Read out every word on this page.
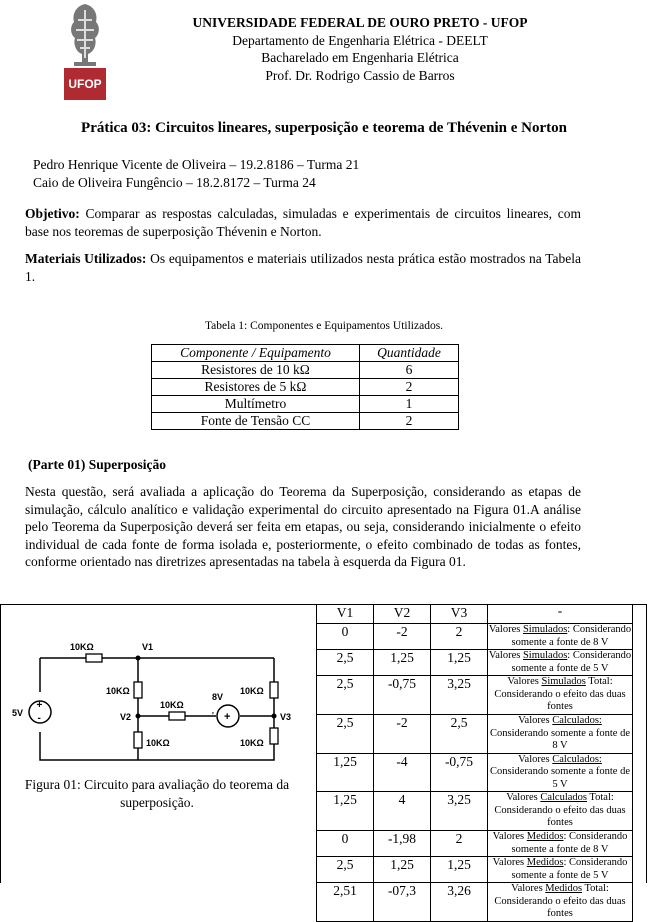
UFOP
UNIVERSIDADE FEDERAL DE OURO PRETO - UFOP
Departamento de Engenharia Elétrica - DEELT
Bacharelado em Engenharia Elétrica
Prof. Dr. Rodrigo Cassio de Barros
Prática 03: Circuitos lineares, superposição e teorema de Thévenin e Norton
Pedro Henrique Vicente de Oliveira – 19.2.8186 – Turma 21
Caio de Oliveira Fungêncio – 18.2.8172 – Turma 24
Objetivo: Comparar as respostas calculadas, simuladas e experimentais de circuitos lineares, com base nos teoremas de superposição Thévenin e Norton.
Materiais Utilizados: Os equipamentos e materiais utilizados nesta prática estão mostrados na Tabela 1.
Tabela 1: Componentes e Equipamentos Utilizados.
Componente / Equipamento	Quantidade
Resistores de 10 kΩ	6
Resistores de 5 kΩ	2
Multímetro	1
Fonte de Tensão CC	2
(Parte 01) Superposição
Nesta questão, será avaliada a aplicação do Teorema da Superposição, considerando as etapas de simulação, cálculo analítico e validação experimental do circuito apresentado na Figura 01.A análise pelo Teorema da Superposição deverá ser feita em etapas, ou seja, considerando inicialmente o efeito individual de cada fonte de forma isolada e, posteriormente, o efeito combinado de todas as fontes, conforme orientado nas diretrizes apresentadas na tabela à esquerda da Figura 01.
+
-	+
'
10KΩ	V1
10KΩ
10KΩ
8V
10KΩ
5V	V2	V3
10KΩ	10KΩ
Figura 01: Circuito para avaliação do teorema da superposição.
V1	V2	V3	-
0	-2	2	Valores Simulados: Considerando somente a fonte de 8 V
2,5	1,25	1,25	Valores Simulados: Considerando somente a fonte de 5 V
2,5	-0,75	3,25	Valores Simulados Total: Considerando o efeito das duas fontes
2,5	-2	2,5	Valores Calculados: Considerando somente a fonte de 8 V
1,25	-4	-0,75	Valores Calculados: Considerando somente a fonte de 5 V
1,25	4	3,25	Valores Calculados Total: Considerando o efeito das duas fontes
0	-1,98	2	Valores Medidos: Considerando somente a fonte de 8 V
2,5	1,25	1,25	Valores Medidos: Considerando somente a fonte de 5 V
2,51	-07,3	3,26	Valores Medidos Total: Considerando o efeito das duas fontes
